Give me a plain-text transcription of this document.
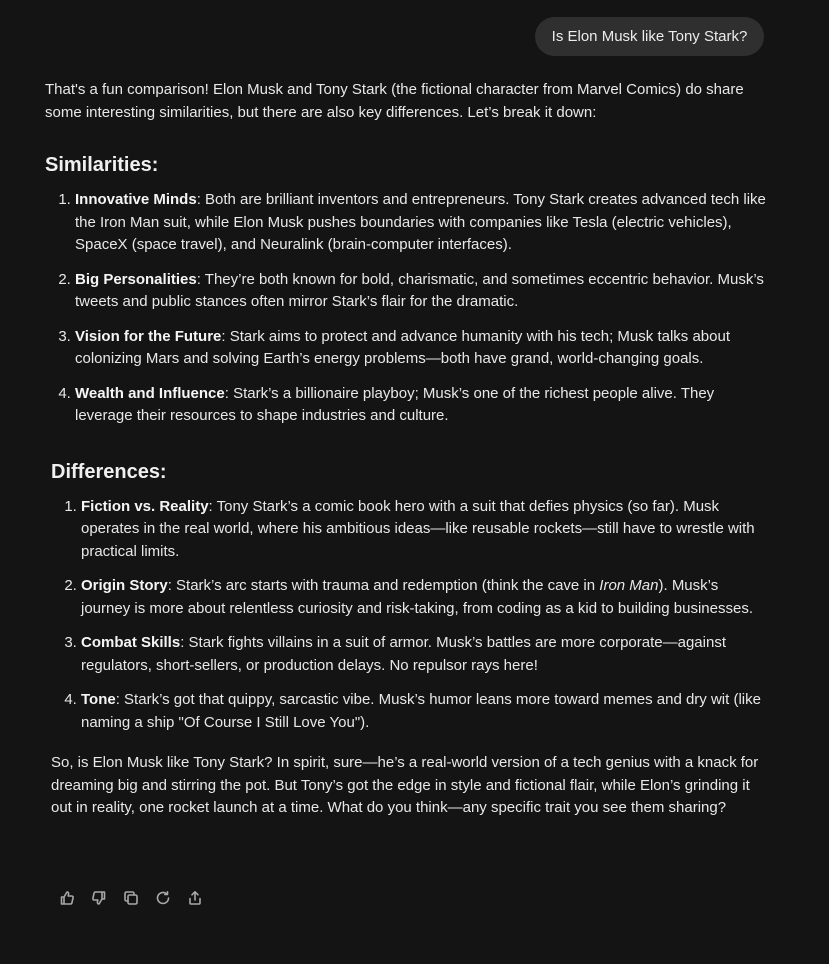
Is Elon Musk like Tony Stark?

That's a fun comparison! Elon Musk and Tony Stark (the fictional character from Marvel Comics) do share some interesting similarities, but there are also key differences. Let’s break it down:

Similarities:
1. Innovative Minds: Both are brilliant inventors and entrepreneurs. Tony Stark creates advanced tech like the Iron Man suit, while Elon Musk pushes boundaries with companies like Tesla (electric vehicles), SpaceX (space travel), and Neuralink (brain-computer interfaces).
2. Big Personalities: They’re both known for bold, charismatic, and sometimes eccentric behavior. Musk’s tweets and public stances often mirror Stark’s flair for the dramatic.
3. Vision for the Future: Stark aims to protect and advance humanity with his tech; Musk talks about colonizing Mars and solving Earth’s energy problems—both have grand, world-changing goals.
4. Wealth and Influence: Stark’s a billionaire playboy; Musk’s one of the richest people alive. They leverage their resources to shape industries and culture.
Differences:
1. Fiction vs. Reality: Tony Stark’s a comic book hero with a suit that defies physics (so far). Musk operates in the real world, where his ambitious ideas—like reusable rockets—still have to wrestle with practical limits.
2. Origin Story: Stark’s arc starts with trauma and redemption (think the cave in Iron Man). Musk’s journey is more about relentless curiosity and risk-taking, from coding as a kid to building businesses.
3. Combat Skills: Stark fights villains in a suit of armor. Musk’s battles are more corporate—against regulators, short-sellers, or production delays. No repulsor rays here!
4. Tone: Stark’s got that quippy, sarcastic vibe. Musk’s humor leans more toward memes and dry wit (like naming a ship "Of Course I Still Love You").

So, is Elon Musk like Tony Stark? In spirit, sure—he’s a real-world version of a tech genius with a knack for dreaming big and stirring the pot. But Tony’s got the edge in style and fictional flair, while Elon’s grinding it out in reality, one rocket launch at a time. What do you think—any specific trait you see them sharing?
